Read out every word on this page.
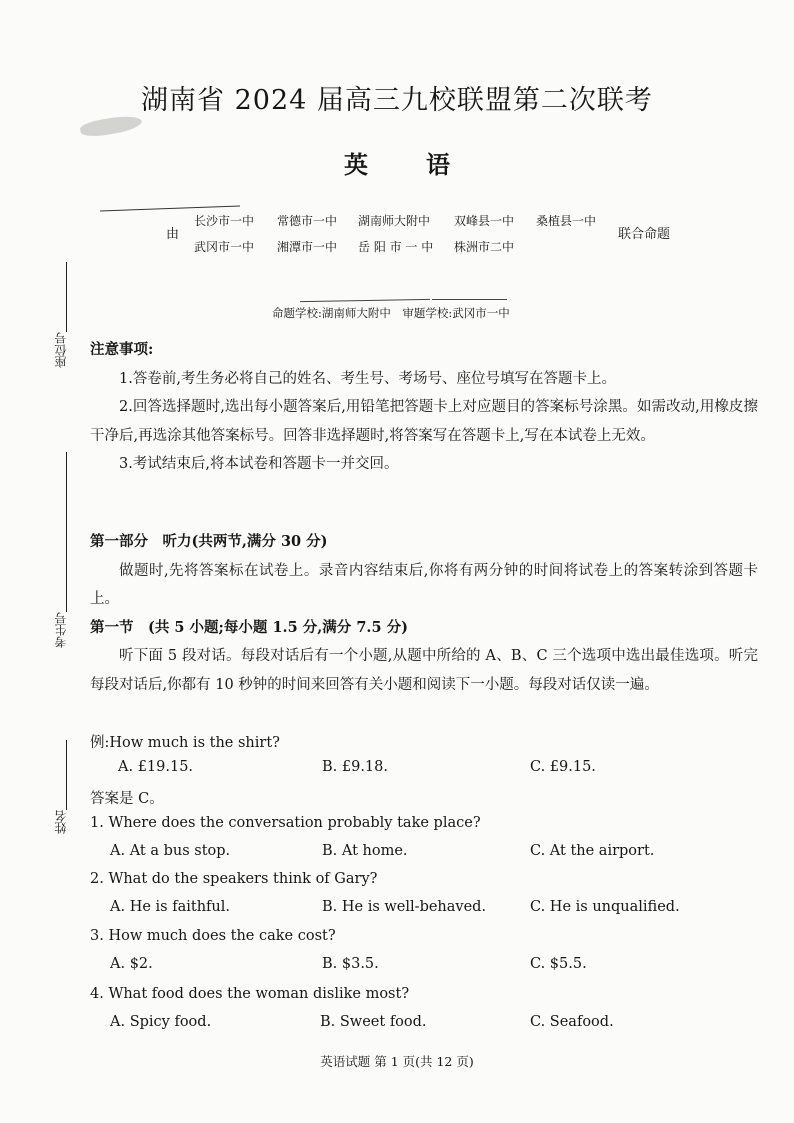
湖南省 2024 届高三九校联盟第二次联考
英语
由
长沙市一中 常德市一中 湖南师大附中 双峰县一中 桑植县一中
武冈市一中 湘潭市一中 岳 阳 市 一 中 株洲市二中
联合命题
命题学校:湖南师大附中　审题学校:武冈市一中
座位号
考生号
姓名
注意事项:
1.答卷前,考生务必将自己的姓名、考生号、考场号、座位号填写在答题卡上。
2.回答选择题时,选出每小题答案后,用铅笔把答题卡上对应题目的答案标号涂黑。如需改动,用橡皮擦干净后,再选涂其他答案标号。回答非选择题时,将答案写在答题卡上,写在本试卷上无效。
3.考试结束后,将本试卷和答题卡一并交回。
第一部分　听力(共两节,满分 30 分)
做题时,先将答案标在试卷上。录音内容结束后,你将有两分钟的时间将试卷上的答案转涂到答题卡上。
第一节　(共 5 小题;每小题 1.5 分,满分 7.5 分)
听下面 5 段对话。每段对话后有一个小题,从题中所给的 A、B、C 三个选项中选出最佳选项。听完每段对话后,你都有 10 秒钟的时间来回答有关小题和阅读下一小题。每段对话仅读一遍。
例:How much is the shirt?
A. £19.15.	B. £9.18.	C. £9.15.
答案是 C。
1. Where does the conversation probably take place?
A. At a bus stop.	B. At home.	C. At the airport.
2. What do the speakers think of Gary?
A. He is faithful.	B. He is well-behaved.	C. He is unqualified.
3. How much does the cake cost?
A. $2.	B. $3.5.	C. $5.5.
4. What food does the woman dislike most?
A. Spicy food.	B. Sweet food.	C. Seafood.
英语试题 第 1 页(共 12 页)
